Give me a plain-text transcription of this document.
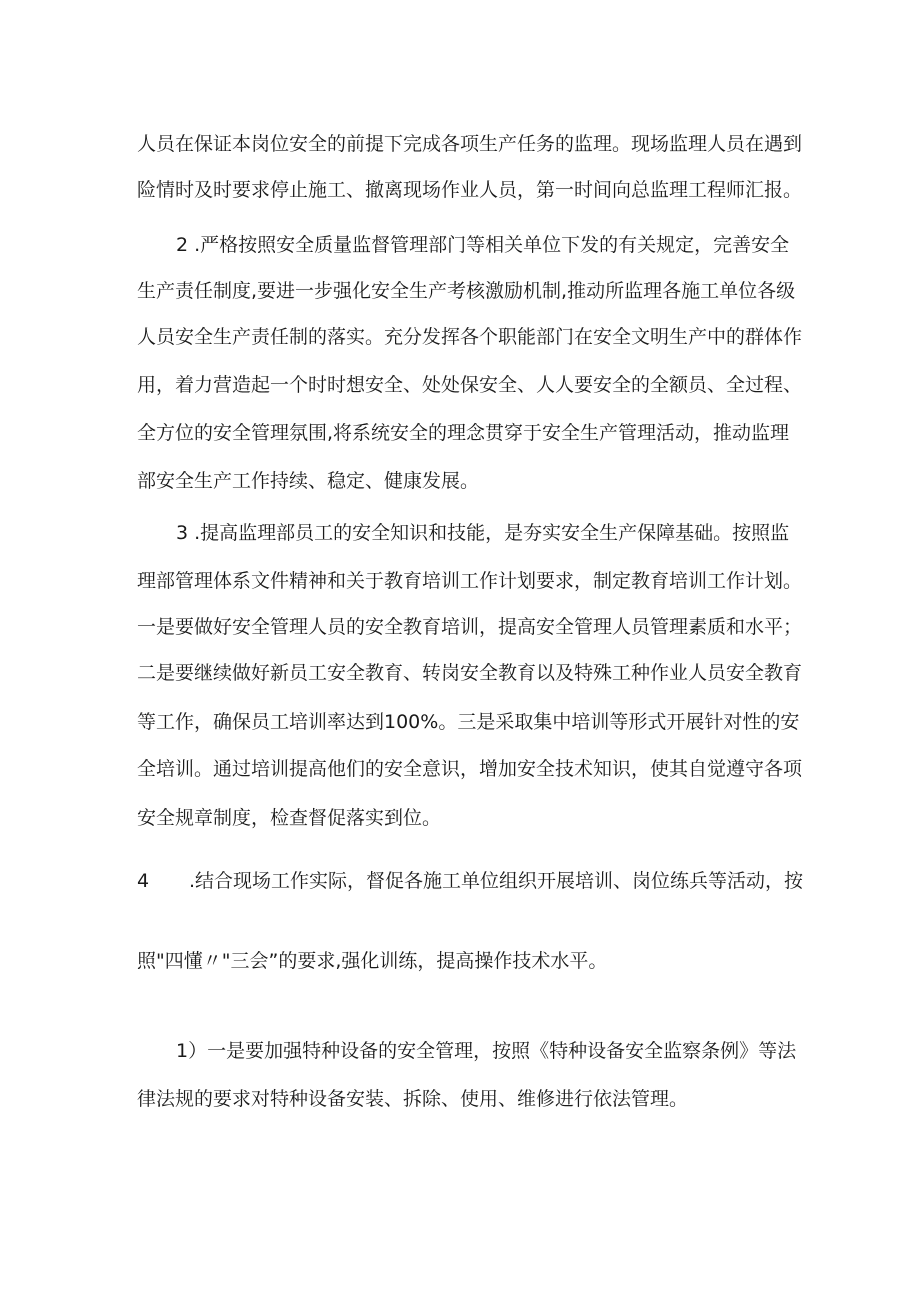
人员在保证本岗位安全的前提下完成各项生产任务的监理。现场监理人员在遇到
险情时及时要求停止施工、撤离现场作业人员，第一时间向总监理工程师汇报。
2 .严格按照安全质量监督管理部门等相关单位下发的有关规定，完善安全
生产责任制度,要进一步强化安全生产考核激励机制,推动所监理各施工单位各级
人员安全生产责任制的落实。充分发挥各个职能部门在安全文明生产中的群体作
用，着力营造起一个时时想安全、处处保安全、人人要安全的全额员、全过程、
全方位的安全管理氛围,将系统安全的理念贯穿于安全生产管理活动，推动监理
部安全生产工作持续、稳定、健康发展。
3 .提高监理部员工的安全知识和技能，是夯实安全生产保障基础。按照监
理部管理体系文件精神和关于教育培训工作计划要求，制定教育培训工作计划。
一是要做好安全管理人员的安全教育培训，提高安全管理人员管理素质和水平；
二是要继续做好新员工安全教育、转岗安全教育以及特殊工种作业人员安全教育
等工作，确保员工培训率达到100%。三是采取集中培训等形式开展针对性的安
全培训。通过培训提高他们的安全意识，增加安全技术知识，使其自觉遵守各项
安全规章制度，检查督促落实到位。
4 .结合现场工作实际，督促各施工单位组织开展培训、岗位练兵等活动，按
照"四懂〃"三会”的要求,强化训练，提高操作技术水平。
1）一是要加强特种设备的安全管理，按照《特种设备安全监察条例》等法
律法规的要求对特种设备安装、拆除、使用、维修进行依法管理。
